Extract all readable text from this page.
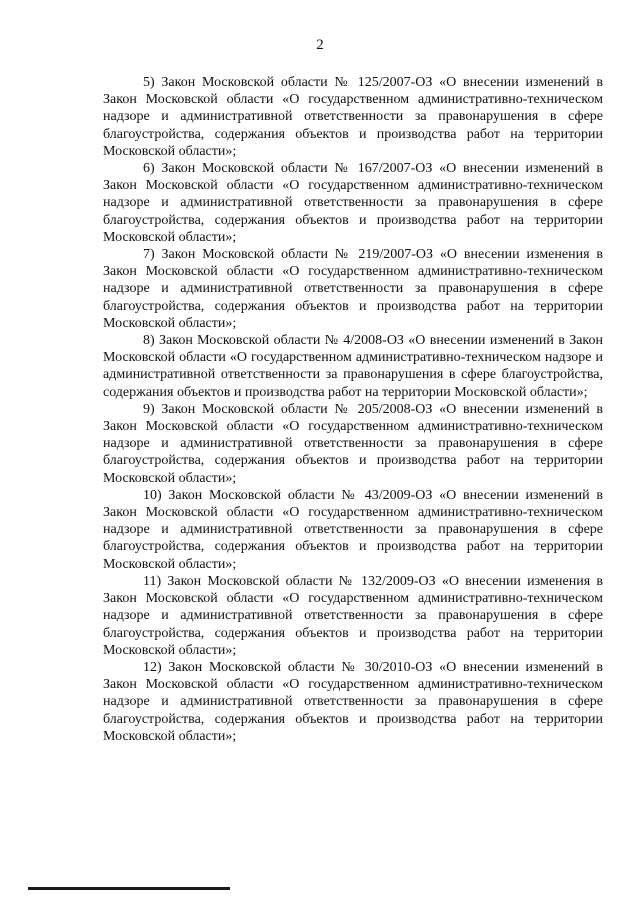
2

5) Закон Московской области № 125/2007-ОЗ «О внесении изменений в Закон Московской области «О государственном административно-техническом надзоре и административной ответственности за правонарушения в сфере благоустройства, содержания объектов и производства работ на территории Московской области»;

6) Закон Московской области № 167/2007-ОЗ «О внесении изменений в Закон Московской области «О государственном административно-техническом надзоре и административной ответственности за правонарушения в сфере благоустройства, содержания объектов и производства работ на территории Московской области»;

7) Закон Московской области № 219/2007-ОЗ «О внесении изменения в Закон Московской области «О государственном административно-техническом надзоре и административной ответственности за правонарушения в сфере благоустройства, содержания объектов и производства работ на территории Московской области»;

8) Закон Московской области № 4/2008-ОЗ «О внесении изменений в Закон Московской области «О государственном административно-техническом надзоре и административной ответственности за правонарушения в сфере благоустройства, содержания объектов и производства работ на территории Московской области»;

9) Закон Московской области № 205/2008-ОЗ «О внесении изменений в Закон Московской области «О государственном административно-техническом надзоре и административной ответственности за правонарушения в сфере благоустройства, содержания объектов и производства работ на территории Московской области»;

10) Закон Московской области № 43/2009-ОЗ «О внесении изменений в Закон Московской области «О государственном административно-техническом надзоре и административной ответственности за правонарушения в сфере благоустройства, содержания объектов и производства работ на территории Московской области»;

11) Закон Московской области № 132/2009-ОЗ «О внесении изменения в Закон Московской области «О государственном административно-техническом надзоре и административной ответственности за правонарушения в сфере благоустройства, содержания объектов и производства работ на территории Московской области»;

12) Закон Московской области № 30/2010-ОЗ «О внесении изменений в Закон Московской области «О государственном административно-техническом надзоре и административной ответственности за правонарушения в сфере благоустройства, содержания объектов и производства работ на территории Московской области»;
